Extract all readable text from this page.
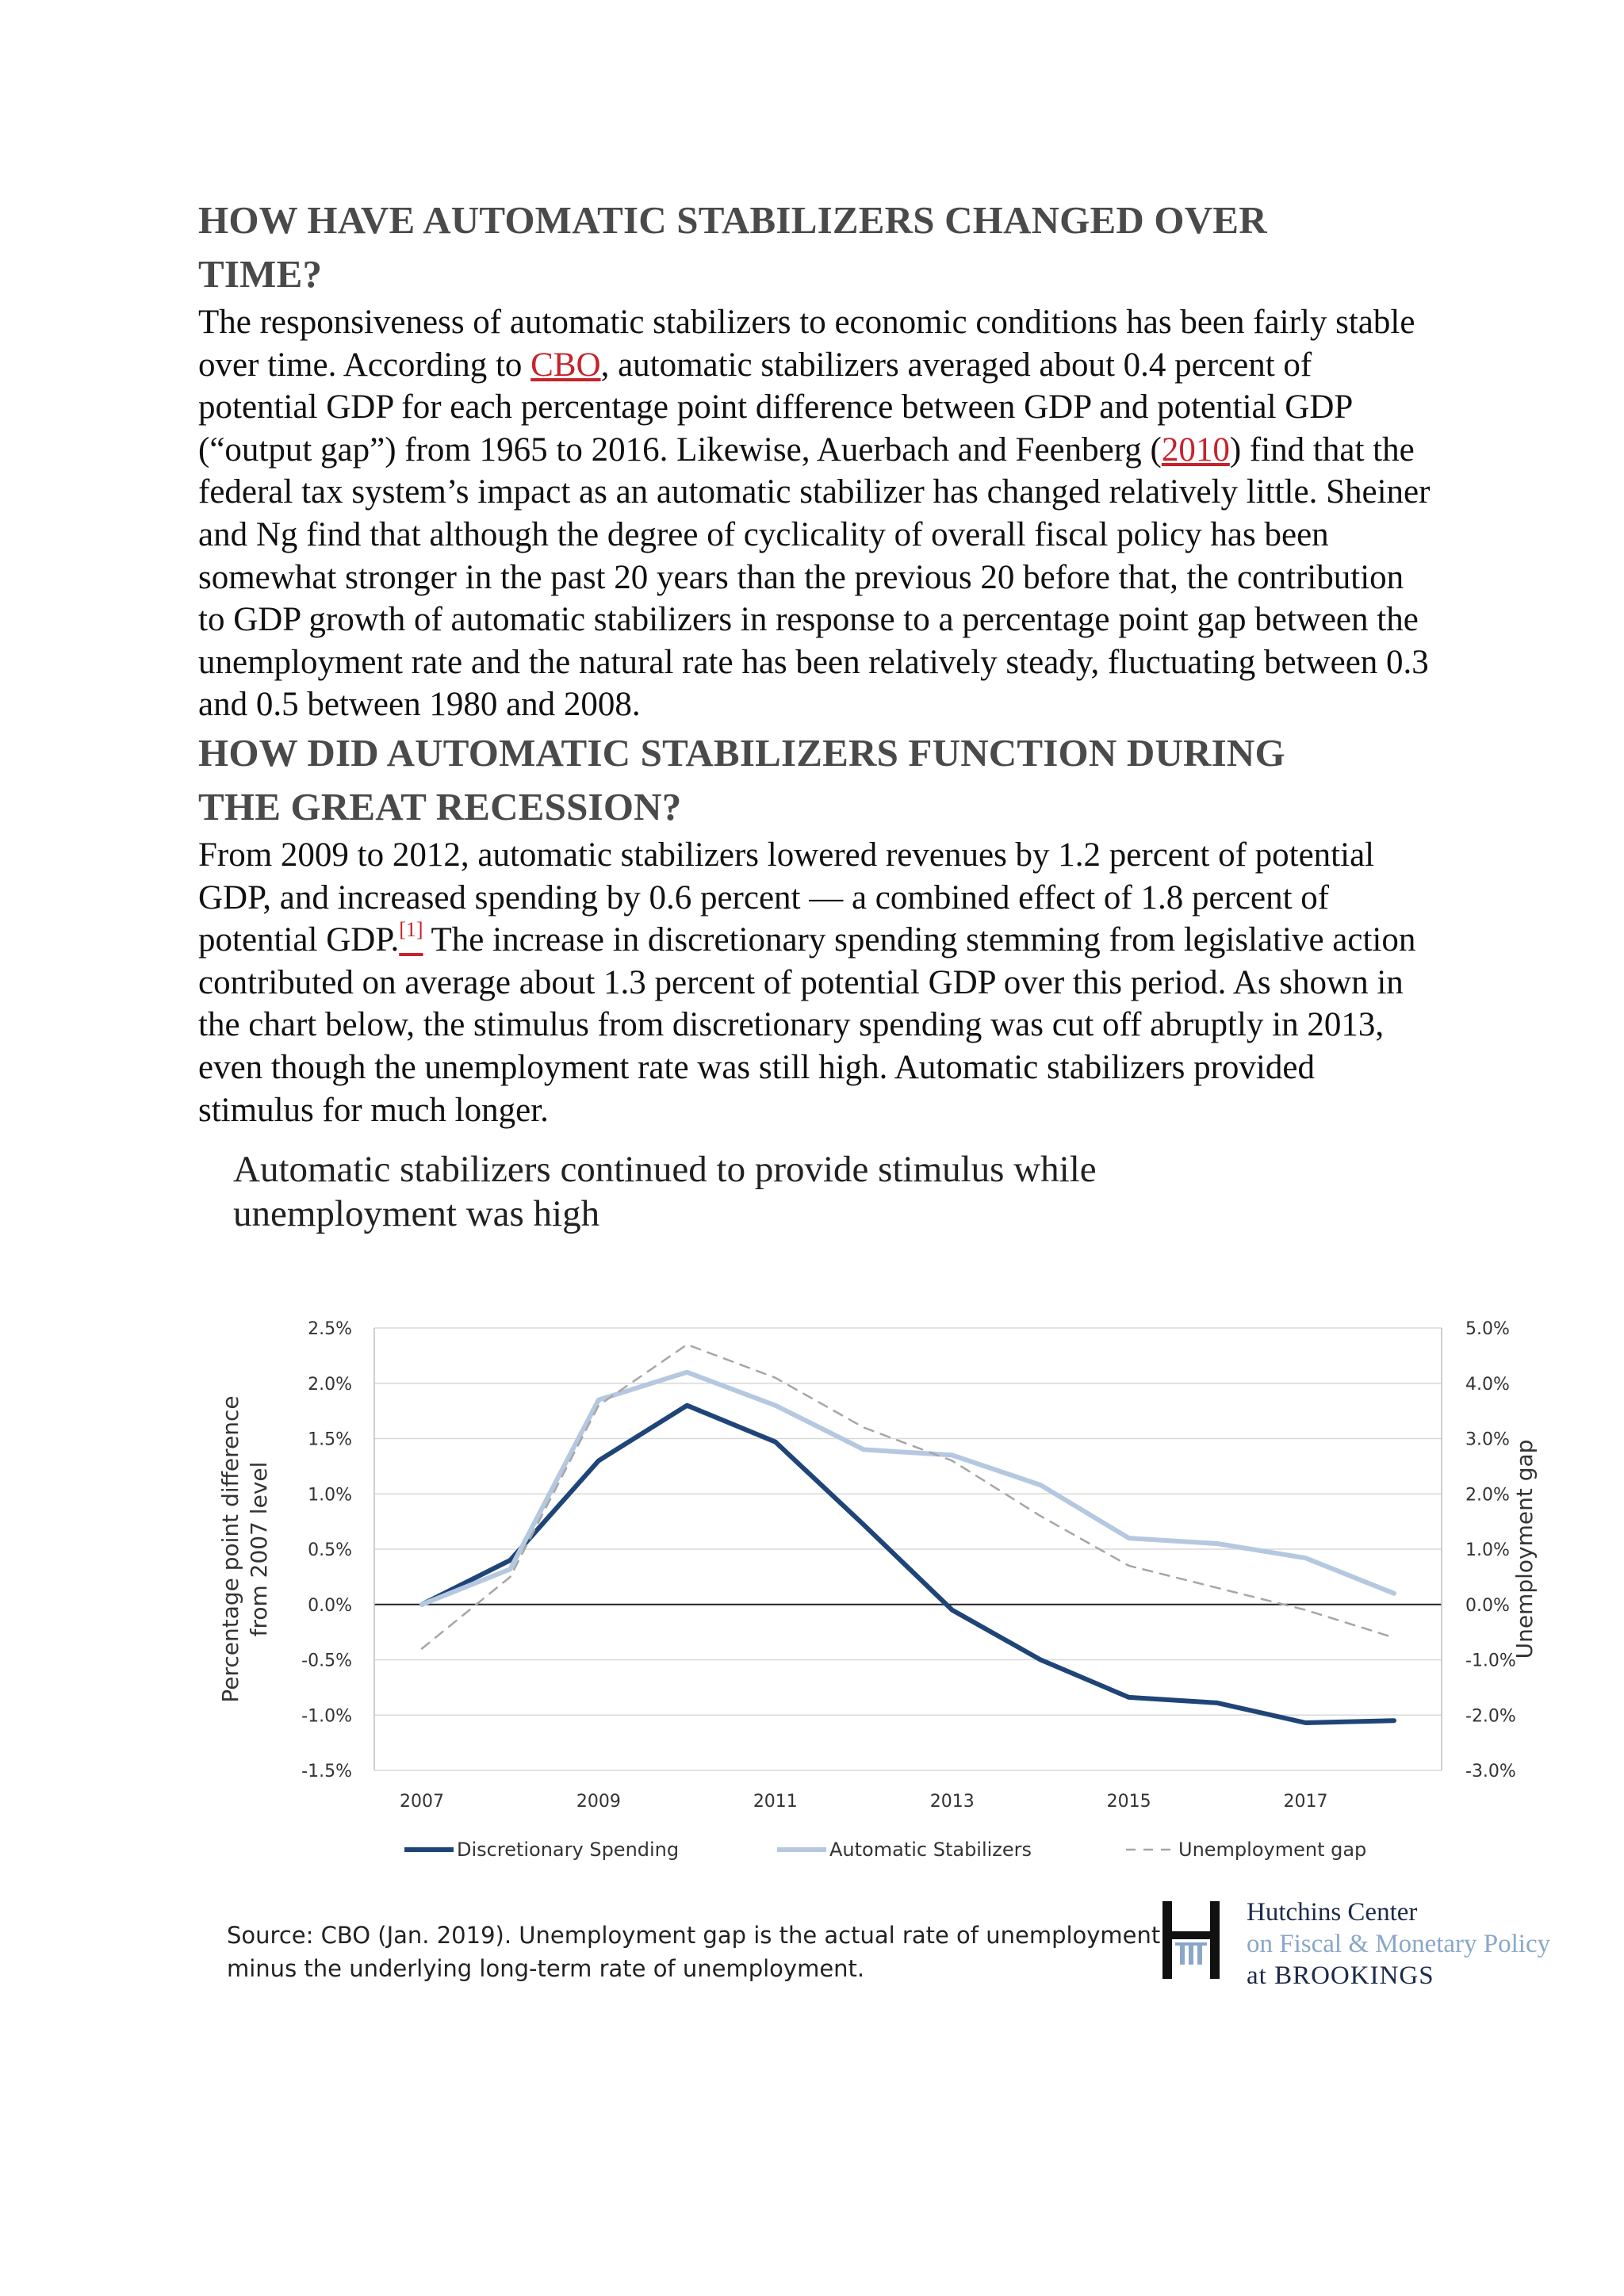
HOW HAVE AUTOMATIC STABILIZERS CHANGED OVER
TIME?

The responsiveness of automatic stabilizers to economic conditions has been fairly stable over time. According to CBO, automatic stabilizers averaged about 0.4 percent of potential GDP for each percentage point difference between GDP and potential GDP (“output gap”) from 1965 to 2016. Likewise, Auerbach and Feenberg (2010) find that the federal tax system’s impact as an automatic stabilizer has changed relatively little. Sheiner and Ng find that although the degree of cyclicality of overall fiscal policy has been somewhat stronger in the past 20 years than the previous 20 before that, the contribution to GDP growth of automatic stabilizers in response to a percentage point gap between the unemployment rate and the natural rate has been relatively steady, fluctuating between 0.3 and 0.5 between 1980 and 2008.

HOW DID AUTOMATIC STABILIZERS FUNCTION DURING
THE GREAT RECESSION?

From 2009 to 2012, automatic stabilizers lowered revenues by 1.2 percent of potential GDP, and increased spending by 0.6 percent — a combined effect of 1.8 percent of potential GDP.[1] The increase in discretionary spending stemming from legislative action contributed on average about 1.3 percent of potential GDP over this period. As shown in the chart below, the stimulus from discretionary spending was cut off abruptly in 2013, even though the unemployment rate was still high. Automatic stabilizers provided stimulus for much longer.

Automatic stabilizers continued to provide stimulus while
unemployment was high
2.5%	5.0%
2.0%	4.0%
1.5%	3.0%
1.0%	2.0%
0.5%	1.0%
0.0%	0.0%
-0.5%	-1.0%
-1.0%	-2.0%
-1.5%	-3.0%
2007	2009	2011	2013	2015	2017
Percentage point difference from 2007 level	Unemployment gap
Discretionary Spending	Automatic Stabilizers	Unemployment gap
Source: CBO (Jan. 2019). Unemployment gap is the actual rate of unemployment
minus the underlying long-term rate of unemployment.
Hutchins Center
on Fiscal & Monetary Policy
at BROOKINGS
